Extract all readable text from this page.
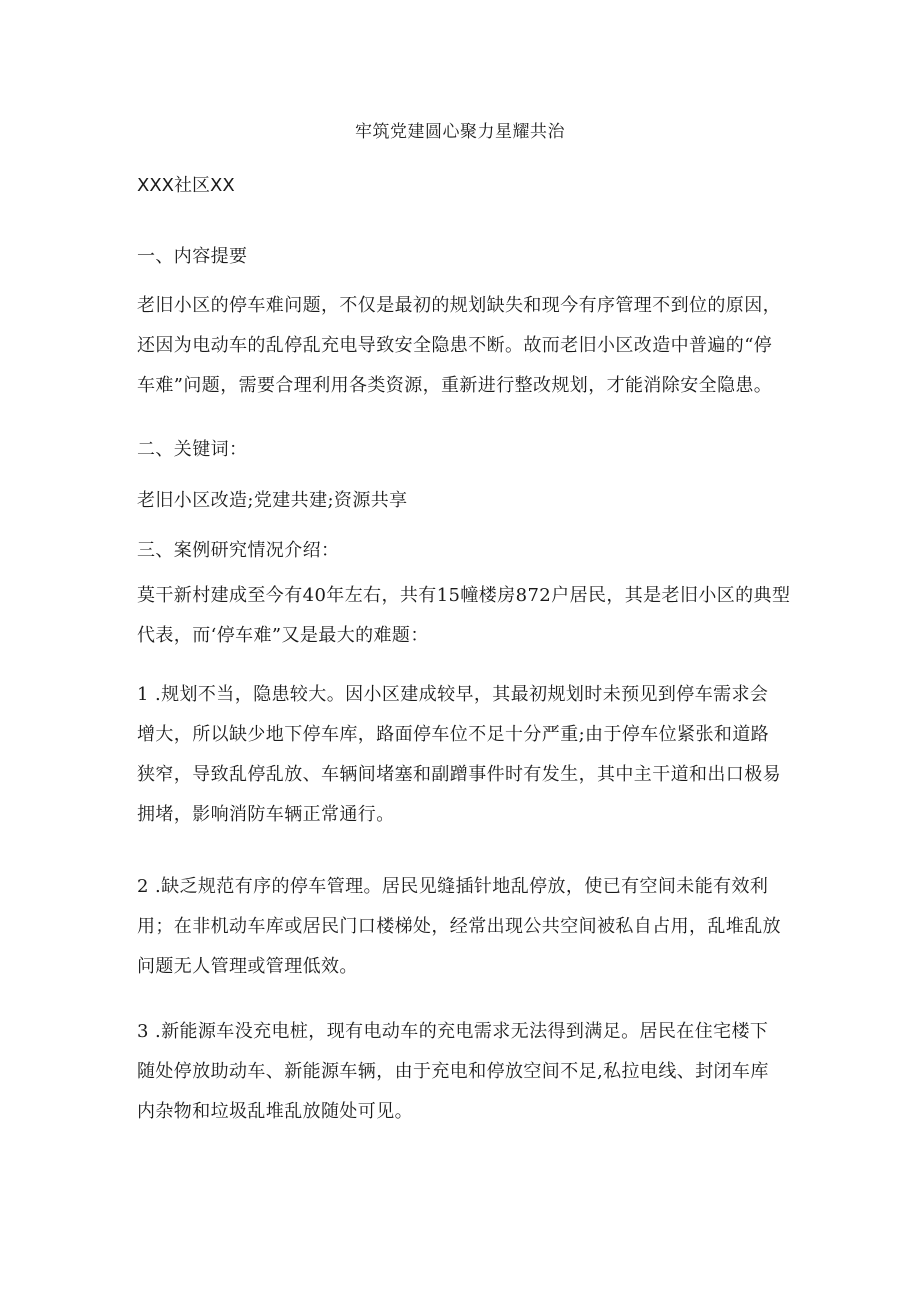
牢筑党建圆心聚力星耀共治
XXX社区XX
一、内容提要
老旧小区的停车难问题，不仅是最初的规划缺失和现今有序管理不到位的原因，
还因为电动车的乱停乱充电导致安全隐患不断。故而老旧小区改造中普遍的“停
车难”问题，需要合理利用各类资源，重新进行整改规划，才能消除安全隐患。
二、关键词：
老旧小区改造;党建共建;资源共享
三、案例研究情况介绍：
莫干新村建成至今有40年左右，共有15幢楼房872户居民，其是老旧小区的典型
代表，而‘停车难”又是最大的难题：
1 .规划不当，隐患较大。因小区建成较早，其最初规划时未预见到停车需求会
增大，所以缺少地下停车库，路面停车位不足十分严重;由于停车位紧张和道路
狭窄，导致乱停乱放、车辆间堵塞和副蹭事件时有发生，其中主干道和出口极易
拥堵，影响消防车辆正常通行。
2 .缺乏规范有序的停车管理。居民见缝插针地乱停放，使已有空间未能有效利
用；在非机动车库或居民门口楼梯处，经常出现公共空间被私自占用，乱堆乱放
问题无人管理或管理低效。
3 .新能源车没充电桩，现有电动车的充电需求无法得到满足。居民在住宅楼下
随处停放助动车、新能源车辆，由于充电和停放空间不足,私拉电线、封闭车库
内杂物和垃圾乱堆乱放随处可见。
